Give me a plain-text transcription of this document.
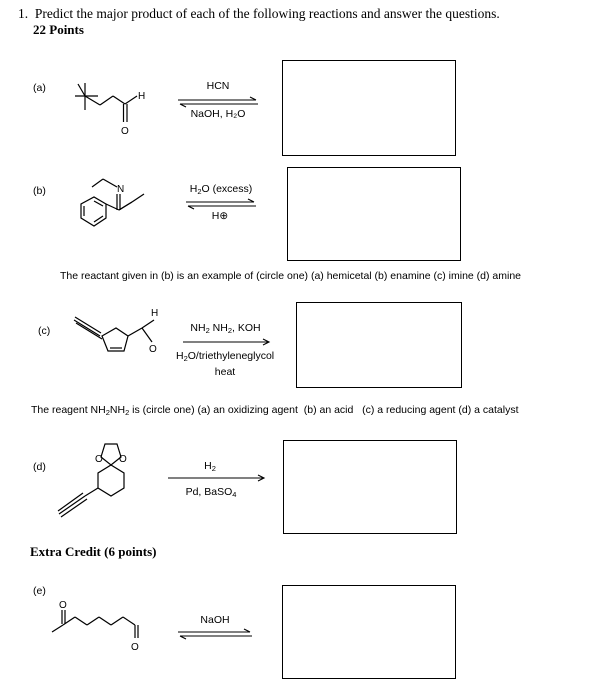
1. Predict the major product of each of the following reactions and answer the questions.
22 Points
(a)
H
O
HCN
NaOH, H₂O
(b)	N	$H_2O$ (excess)
H⊕
The reactant given in (b) is an example of (circle one) (a) hemicetal (b) enamine (c) imine (d) amine
(c)
H
O
$NH_2$ $NH_2$, KOH
$H_2O$/triethyleneglycol
heat
The reagent $NH_2NH_2$ is (circle one) (a) an oxidizing agent  (b) an acid   (c) a reducing agent (d) a catalyst
(d)
O O
$H_2$
Pd, BaSO$_4$
Extra Credit (6 points)
(e)
O
O
NaOH
